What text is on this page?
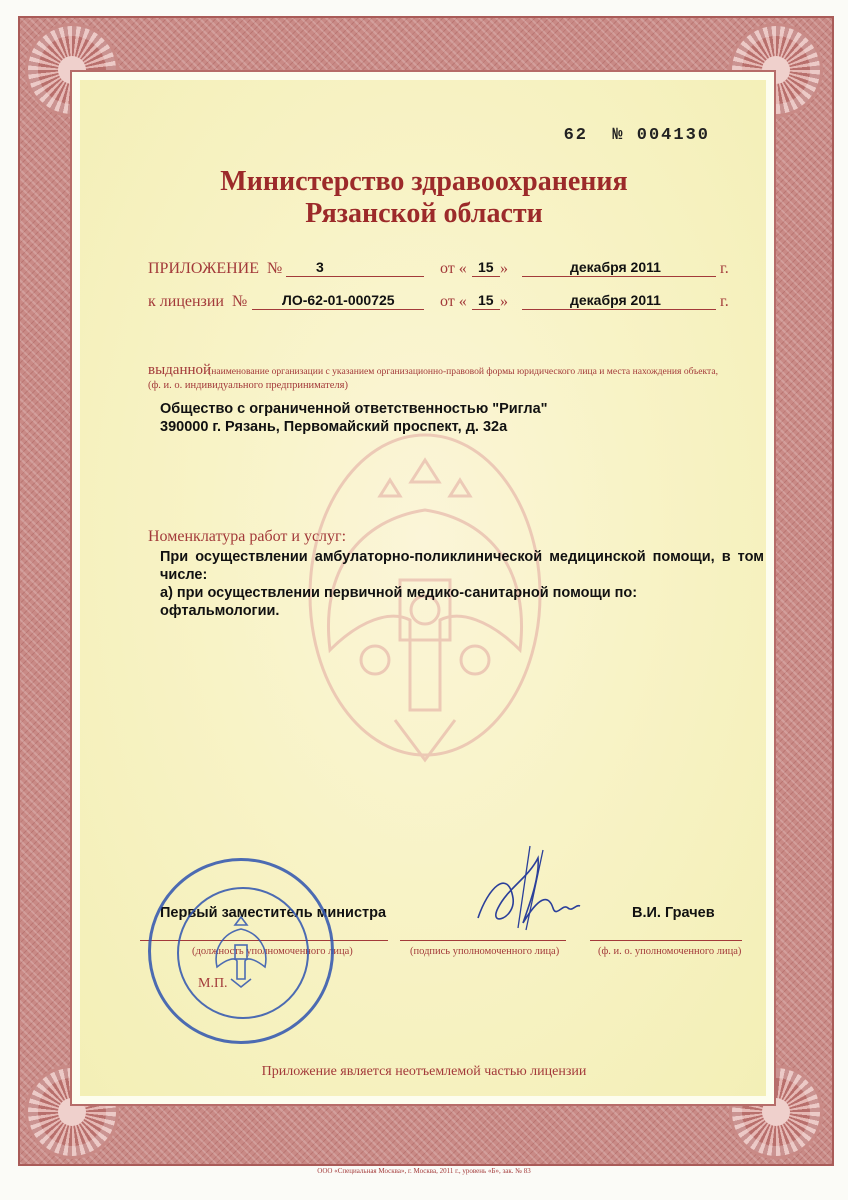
62 № 004130
Министерство здравоохранения
Рязанской области
ПРИЛОЖЕНИЕ № 3	от « 15 »	декабря 2011	г.
к лицензии № ЛО-62-01-000725	от « 15 »	декабря 2011	г.
выданной
(наименование организации с указанием организационно-правовой формы юридического лица и места нахождения объекта,
(ф. и. о. индивидуального предпринимателя)
Общество с ограниченной ответственностью "Ригла"
390000 г. Рязань, Первомайский проспект, д. 32а
Номенклатура работ и услуг:
При осуществлении амбулаторно-поликлинической медицинской помощи, в том
числе:
а) при осуществлении первичной медико-санитарной помощи по:
офтальмологии.
Первый заместитель министра	В.И. Грачев
(должность уполномоченного лица)	(подпись уполномоченного лица)	(ф. и. о. уполномоченного лица)
М.П.
Приложение является неотъемлемой частью лицензии
ООО «Специальная Москва», г. Москва, 2011 г., уровень «Б», зак. № 83
